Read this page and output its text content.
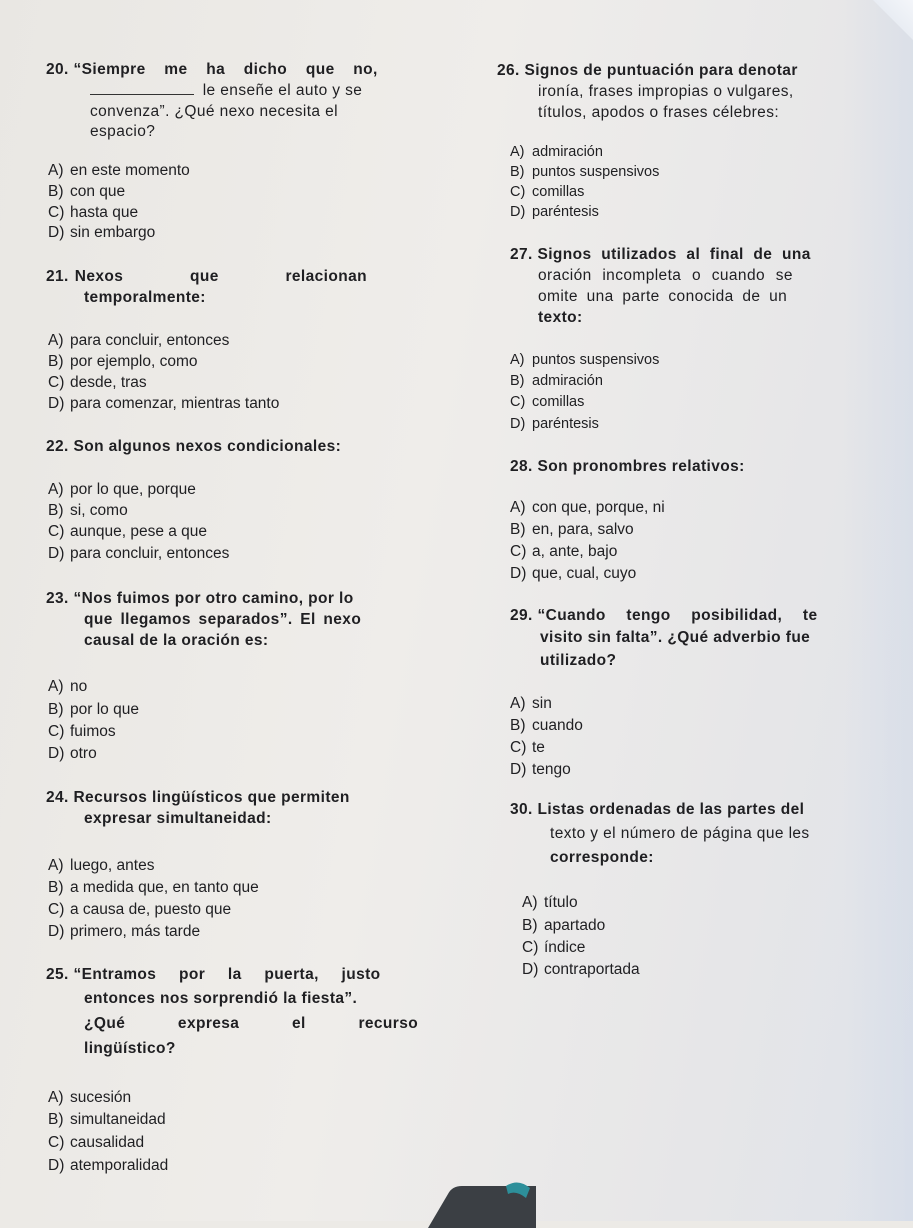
20. “Siempre me ha dicho que no,
le enseñe el auto y se
convenza”. ¿Qué nexo necesita el
espacio?
A) en este momento
B) con que
C) hasta que
D) sin embargo
21. Nexos que relacionan
temporalmente:
A) para concluir, entonces
B) por ejemplo, como
C) desde, tras
D) para comenzar, mientras tanto
22. Son algunos nexos condicionales:
A) por lo que, porque
B) si, como
C) aunque, pese a que
D) para concluir, entonces
23. “Nos fuimos por otro camino, por lo
que llegamos separados”. El nexo
causal de la oración es:
A) no
B) por lo que
C) fuimos
D) otro
24. Recursos lingüísticos que permiten
expresar simultaneidad:
A) luego, antes
B) a medida que, en tanto que
C) a causa de, puesto que
D) primero, más tarde
25. “Entramos por la puerta, justo
entonces nos sorprendió la fiesta”.
¿Qué expresa el recurso
lingüístico?
A) sucesión
B) simultaneidad
C) causalidad
D) atemporalidad
26. Signos de puntuación para denotar
ironía, frases impropias o vulgares,
títulos, apodos o frases célebres:
A) admiración
B) puntos suspensivos
C) comillas
D) paréntesis
27. Signos utilizados al final de una
oración incompleta o cuando se
omite una parte conocida de un
texto:
A) puntos suspensivos
B) admiración
C) comillas
D) paréntesis
28. Son pronombres relativos:
A) con que, porque, ni
B) en, para, salvo
C) a, ante, bajo
D) que, cual, cuyo
29. “Cuando tengo posibilidad, te
visito sin falta”. ¿Qué adverbio fue
utilizado?
A) sin
B) cuando
C) te
D) tengo
30. Listas ordenadas de las partes del
texto y el número de página que les
corresponde:
A) título
B) apartado
C) índice
D) contraportada
